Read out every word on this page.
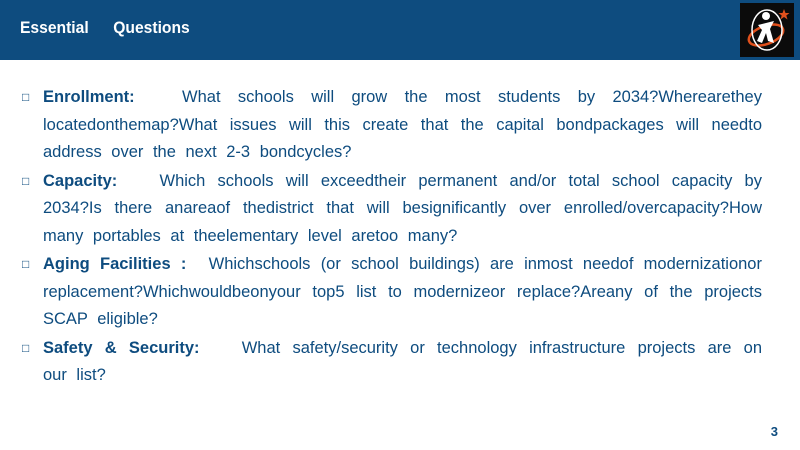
Essential Questions
□ Enrollment:	What schools will grow the most students by 2034?Wherearethey locatedonthemap?What issues will this create that the capital bondpackages will needto address over the next 2-3 bondcycles?
□ Capacity:	Which schools will exceedtheir permanent and/or total school capacity by 2034?Is there anareaof thedistrict that will besignificantly over enrolled/overcapacity?How many portables at theelementary level aretoo many?
□ Aging Facilities : Whichschools (or school buildings) are inmost needof modernizationor replacement?Whichwouldbeonyour top5 list to modernizeor replace?Areany of the projects SCAP eligible?
□ Safety & Security:	What safety/security or technology infrastructure projects are on our list?
3
